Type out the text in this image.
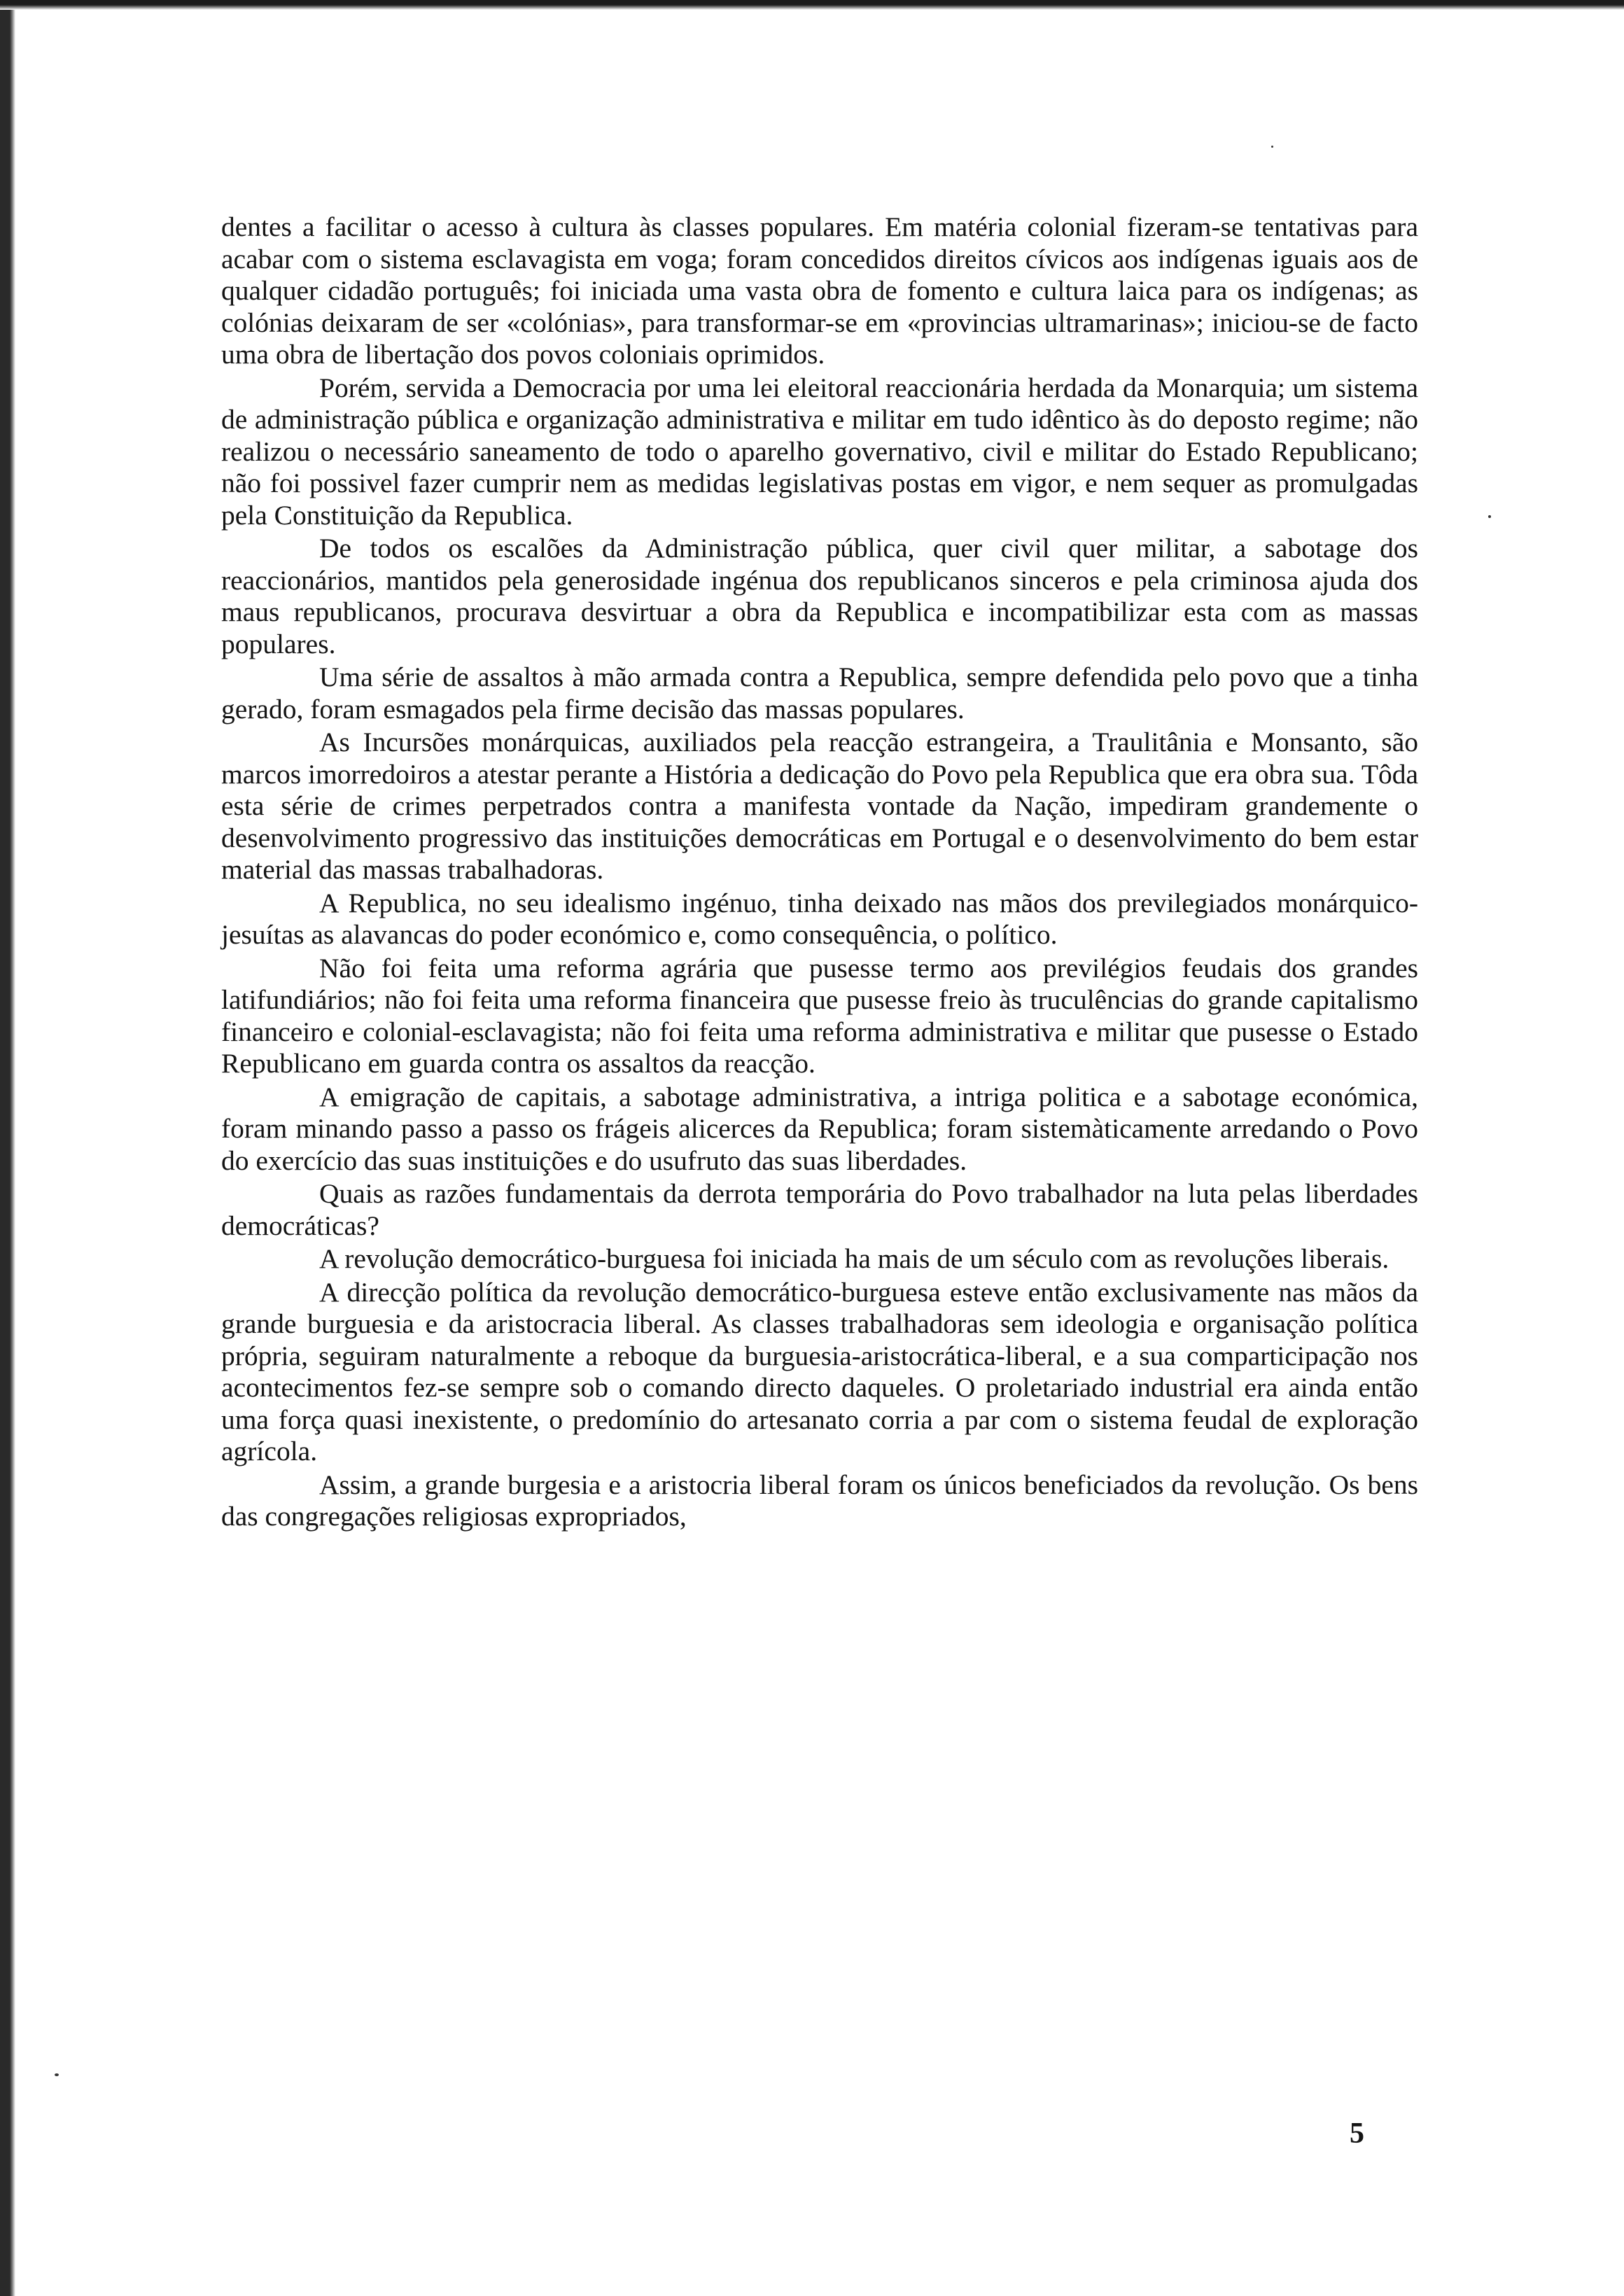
dentes a facilitar o acesso à cultura às classes populares. Em matéria colonial fizeram-se tentativas para acabar com o sistema esclavagista em voga; foram concedidos direitos cívicos aos indígenas iguais aos de qualquer cidadão português; foi iniciada uma vasta obra de fomento e cultura laica para os indígenas; as colónias deixaram de ser «colónias», para transformar-se em «provincias ultramarinas»; iniciou-se de facto uma obra de libertação dos povos coloniais oprimidos.

Porém, servida a Democracia por uma lei eleitoral reaccionária herdada da Monarquia; um sistema de administração pública e organização administrativa e militar em tudo idêntico às do deposto regime; não realizou o necessário saneamento de todo o aparelho governativo, civil e militar do Estado Republicano; não foi possivel fazer cumprir nem as medidas legislativas postas em vigor, e nem sequer as promulgadas pela Constituição da Republica.

De todos os escalões da Administração pública, quer civil quer militar, a sabotage dos reaccionários, mantidos pela generosidade ingénua dos republicanos sinceros e pela criminosa ajuda dos maus republicanos, procurava desvirtuar a obra da Republica e incompatibilizar esta com as massas populares.

Uma série de assaltos à mão armada contra a Republica, sempre defendida pelo povo que a tinha gerado, foram esmagados pela firme decisão das massas populares.

As Incursões monárquicas, auxiliados pela reacção estrangeira, a Traulitânia e Monsanto, são marcos imorredoiros a atestar perante a História a dedicação do Povo pela Republica que era obra sua. Tôda esta série de crimes perpetrados contra a manifesta vontade da Nação, impediram grandemente o desenvolvimento progressivo das instituições democráticas em Portugal e o desenvolvimento do bem estar material das massas trabalhadoras.

A Republica, no seu idealismo ingénuo, tinha deixado nas mãos dos previlegiados monárquico-jesuítas as alavancas do poder económico e, como consequência, o político.

Não foi feita uma reforma agrária que pusesse termo aos previlégios feudais dos grandes latifundiários; não foi feita uma reforma financeira que pusesse freio às truculências do grande capitalismo financeiro e colonial-esclavagista; não foi feita uma reforma administrativa e militar que pusesse o Estado Republicano em guarda contra os assaltos da reacção.

A emigração de capitais, a sabotage administrativa, a intriga politica e a sabotage económica, foram minando passo a passo os frágeis alicerces da Republica; foram sistemàticamente arredando o Povo do exercício das suas instituições e do usufruto das suas liberdades.

Quais as razões fundamentais da derrota temporária do Povo trabalhador na luta pelas liberdades democráticas?

A revolução democrático-burguesa foi iniciada ha mais de um século com as revoluções liberais.

A direcção política da revolução democrático-burguesa esteve então exclusivamente nas mãos da grande burguesia e da aristocracia liberal. As classes trabalhadoras sem ideologia e organisação política própria, seguiram naturalmente a reboque da burguesia-aristocrática-liberal, e a sua comparticipação nos acontecimentos fez-se sempre sob o comando directo daqueles. O proletariado industrial era ainda então uma força quasi inexistente, o predomínio do artesanato corria a par com o sistema feudal de exploração agrícola.

Assim, a grande burgesia e a aristocria liberal foram os únicos beneficiados da revolução. Os bens das congregações religiosas expropriados,

5
